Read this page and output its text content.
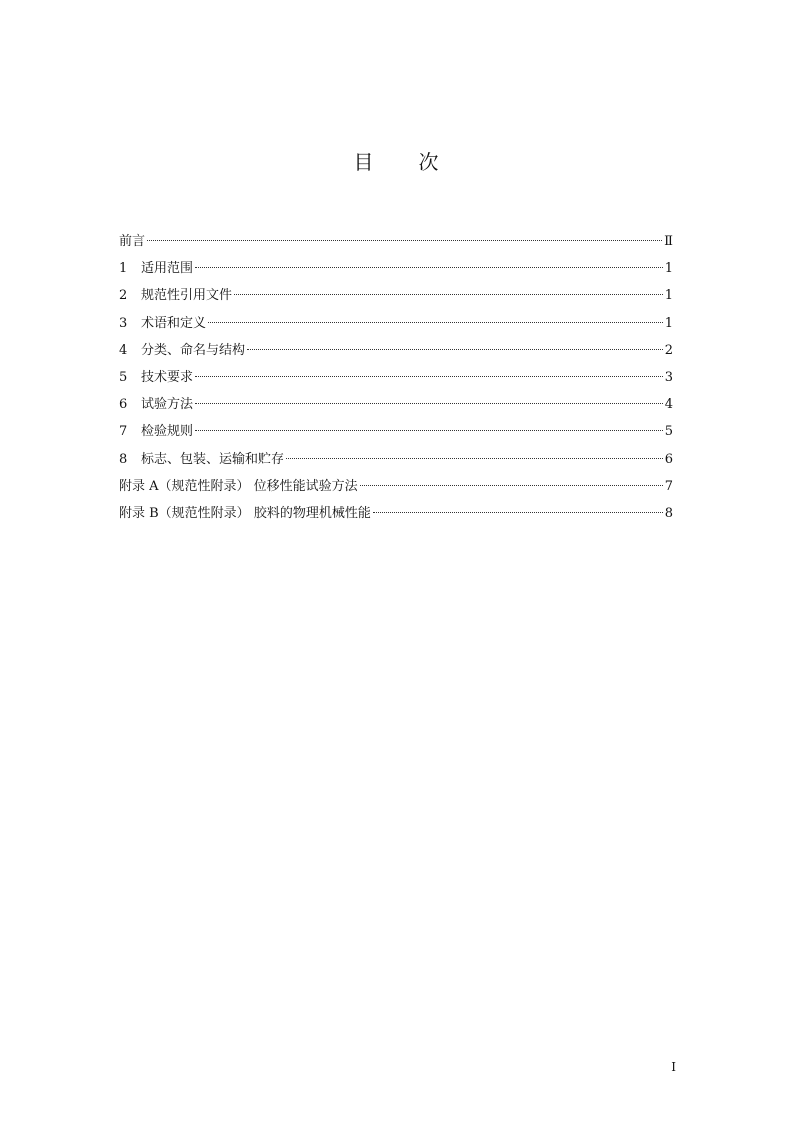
目 次
前言	Ⅱ
1	适用范围	1
2	规范性引用文件	1
3	术语和定义	1
4	分类、命名与结构	2
5	技术要求	3
6	试验方法	4
7	检验规则	5
8	标志、包装、运输和贮存	6
附录 A（规范性附录） 位移性能试验方法	7
附录 B（规范性附录） 胶料的物理机械性能	8
I
